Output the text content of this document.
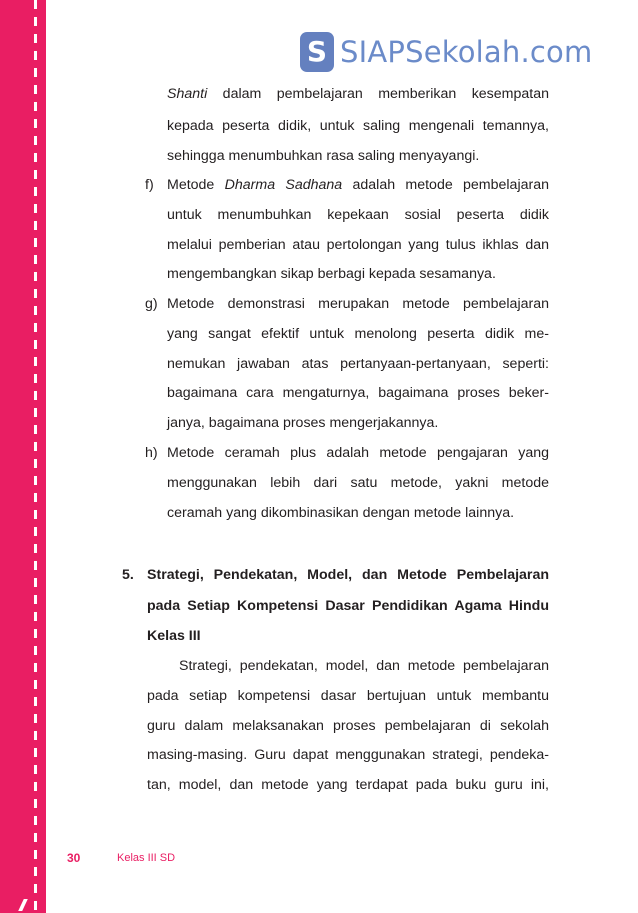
S SIAPSekolah.com
Shanti dalam pembelajaran memberikan kesempatan
kepada peserta didik, untuk saling mengenali temannya,
sehingga menumbuhkan rasa saling menyayangi.
f) Metode Dharma Sadhana adalah metode pembelajaran
untuk menumbuhkan kepekaan sosial peserta didik
melalui pemberian atau pertolongan yang tulus ikhlas dan
mengembangkan sikap berbagi kepada sesamanya.
g) Metode demonstrasi merupakan metode pembelajaran
yang sangat efektif untuk menolong peserta didik me-
nemukan jawaban atas pertanyaan-pertanyaan, seperti:
bagaimana cara mengaturnya, bagaimana proses beker-
janya, bagaimana proses mengerjakannya.
h) Metode ceramah plus adalah metode pengajaran yang
menggunakan lebih dari satu metode, yakni metode
ceramah yang dikombinasikan dengan metode lainnya.
5. Strategi, Pendekatan, Model, dan Metode Pembelajaran
pada Setiap Kompetensi Dasar Pendidikan Agama Hindu
Kelas III
Strategi, pendekatan, model, dan metode pembelajaran
pada setiap kompetensi dasar bertujuan untuk membantu
guru dalam melaksanakan proses pembelajaran di sekolah
masing-masing. Guru dapat menggunakan strategi, pendeka-
tan, model, dan metode yang terdapat pada buku guru ini,
30	Kelas III SD
